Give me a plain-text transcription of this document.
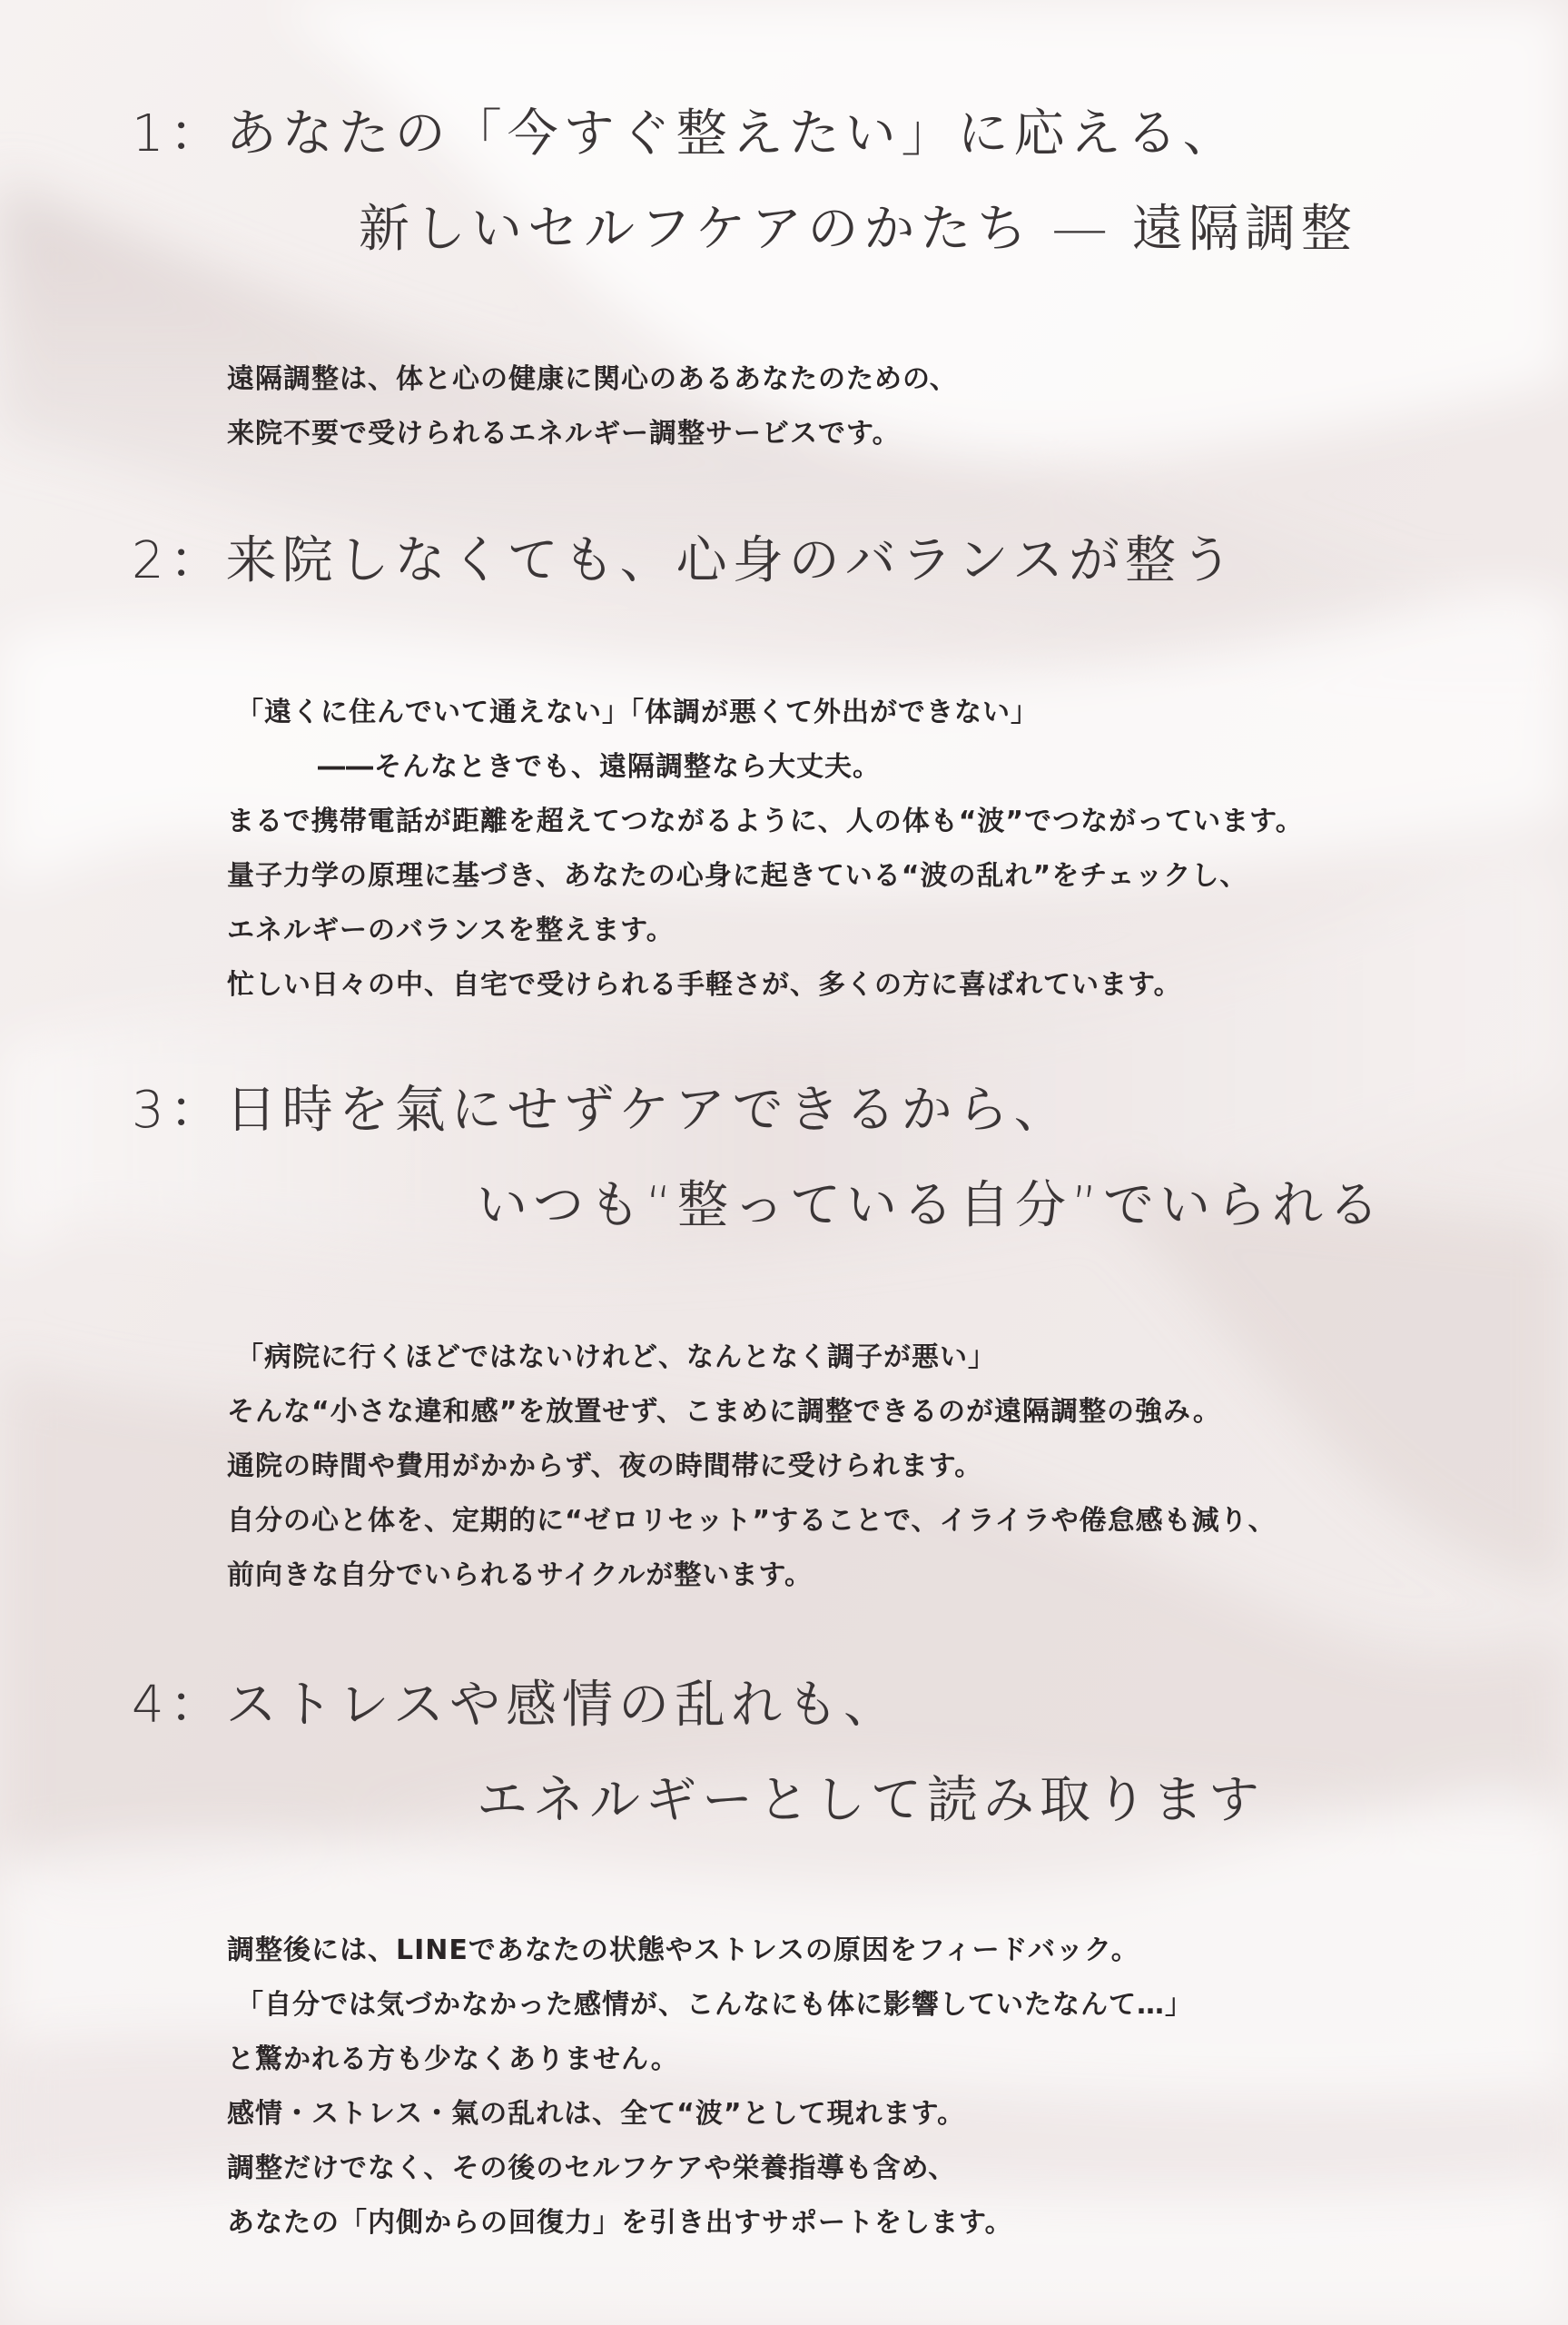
1：あなたの「今すぐ整えたい」に応える、
新しいセルフケアのかたち ― 遠隔調整
遠隔調整は、体と心の健康に関心のあるあなたのための、
来院不要で受けられるエネルギー調整サービスです。
2：来院しなくても、心身のバランスが整う
「遠くに住んでいて通えない」「体調が悪くて外出ができない」
――そんなときでも、遠隔調整なら大丈夫。
まるで携帯電話が距離を超えてつながるように、人の体も“波”でつながっています。
量子力学の原理に基づき、あなたの心身に起きている“波の乱れ”をチェックし、
エネルギーのバランスを整えます。
忙しい日々の中、自宅で受けられる手軽さが、多くの方に喜ばれています。
3：日時を氣にせずケアできるから、
いつも“整っている自分”でいられる
「病院に行くほどではないけれど、なんとなく調子が悪い」
そんな“小さな違和感”を放置せず、こまめに調整できるのが遠隔調整の強み。
通院の時間や費用がかからず、夜の時間帯に受けられます。
自分の心と体を、定期的に“ゼロリセット”することで、イライラや倦怠感も減り、
前向きな自分でいられるサイクルが整います。
4：ストレスや感情の乱れも、
エネルギーとして読み取ります
調整後には、LINEであなたの状態やストレスの原因をフィードバック。
「自分では気づかなかった感情が、こんなにも体に影響していたなんて…」
と驚かれる方も少なくありません。
感情・ストレス・氣の乱れは、全て“波”として現れます。
調整だけでなく、その後のセルフケアや栄養指導も含め、
あなたの「内側からの回復力」を引き出すサポートをします。
